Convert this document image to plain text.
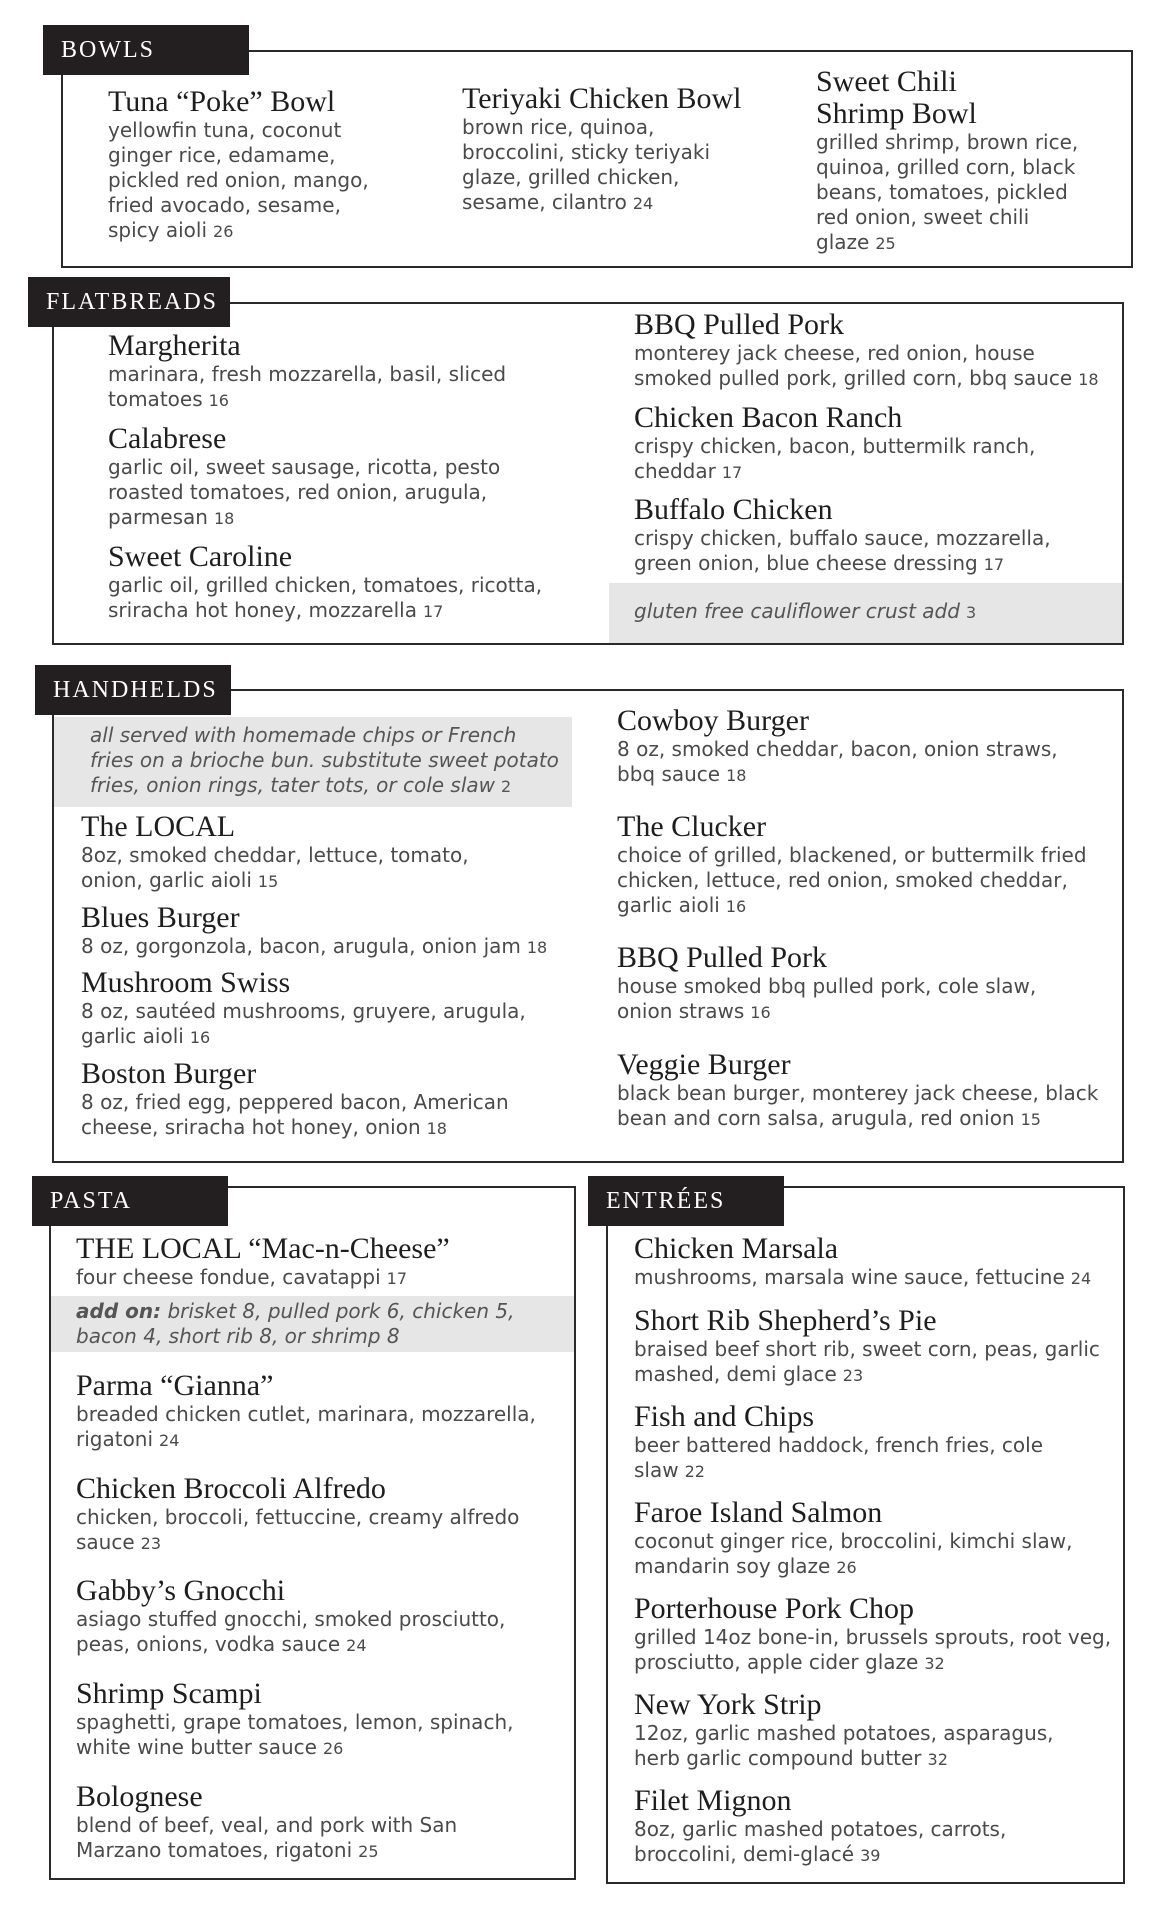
BOWLS
Tuna “Poke” Bowl
yellowfin tuna, coconut ginger rice, edamame, pickled red onion, mango, fried avocado, sesame, spicy aioli 26
Teriyaki Chicken Bowl
brown rice, quinoa, broccolini, sticky teriyaki glaze, grilled chicken, sesame, cilantro 24
Sweet Chili Shrimp Bowl
grilled shrimp, brown rice, quinoa, grilled corn, black beans, tomatoes, pickled red onion, sweet chili glaze 25
FLATBREADS
Margherita
marinara, fresh mozzarella, basil, sliced tomatoes 16
Calabrese
garlic oil, sweet sausage, ricotta, pesto roasted tomatoes, red onion, arugula, parmesan 18
Sweet Caroline
garlic oil, grilled chicken, tomatoes, ricotta, sriracha hot honey, mozzarella 17
BBQ Pulled Pork
monterey jack cheese, red onion, house smoked pulled pork, grilled corn, bbq sauce 18
Chicken Bacon Ranch
crispy chicken, bacon, buttermilk ranch, cheddar 17
Buffalo Chicken
crispy chicken, buffalo sauce, mozzarella, green onion, blue cheese dressing 17
gluten free cauliflower crust add 3
HANDHELDS
all served with homemade chips or French fries on a brioche bun. substitute sweet potato fries, onion rings, tater tots, or cole slaw 2
The LOCAL
8oz, smoked cheddar, lettuce, tomato, onion, garlic aioli 15
Blues Burger
8 oz, gorgonzola, bacon, arugula, onion jam 18
Mushroom Swiss
8 oz, sautéed mushrooms, gruyere, arugula, garlic aioli 16
Boston Burger
8 oz, fried egg, peppered bacon, American cheese, sriracha hot honey, onion 18
Cowboy Burger
8 oz, smoked cheddar, bacon, onion straws, bbq sauce 18
The Clucker
choice of grilled, blackened, or buttermilk fried chicken, lettuce, red onion, smoked cheddar, garlic aioli 16
BBQ Pulled Pork
house smoked bbq pulled pork, cole slaw, onion straws 16
Veggie Burger
black bean burger, monterey jack cheese, black bean and corn salsa, arugula, red onion 15
PASTA
THE LOCAL “Mac-n-Cheese”
four cheese fondue, cavatappi 17
add on: brisket 8, pulled pork 6, chicken 5, bacon 4, short rib 8, or shrimp 8
Parma “Gianna”
breaded chicken cutlet, marinara, mozzarella, rigatoni 24
Chicken Broccoli Alfredo
chicken, broccoli, fettuccine, creamy alfredo sauce 23
Gabby’s Gnocchi
asiago stuffed gnocchi, smoked prosciutto, peas, onions, vodka sauce 24
Shrimp Scampi
spaghetti, grape tomatoes, lemon, spinach, white wine butter sauce 26
Bolognese
blend of beef, veal, and pork with San Marzano tomatoes, rigatoni 25
ENTRÉES
Chicken Marsala
mushrooms, marsala wine sauce, fettucine 24
Short Rib Shepherd’s Pie
braised beef short rib, sweet corn, peas, garlic mashed, demi glace 23
Fish and Chips
beer battered haddock, french fries, cole slaw 22
Faroe Island Salmon
coconut ginger rice, broccolini, kimchi slaw, mandarin soy glaze 26
Porterhouse Pork Chop
grilled 14oz bone-in, brussels sprouts, root veg, prosciutto, apple cider glaze 32
New York Strip
12oz, garlic mashed potatoes, asparagus, herb garlic compound butter 32
Filet Mignon
8oz, garlic mashed potatoes, carrots, broccolini, demi-glacé 39
